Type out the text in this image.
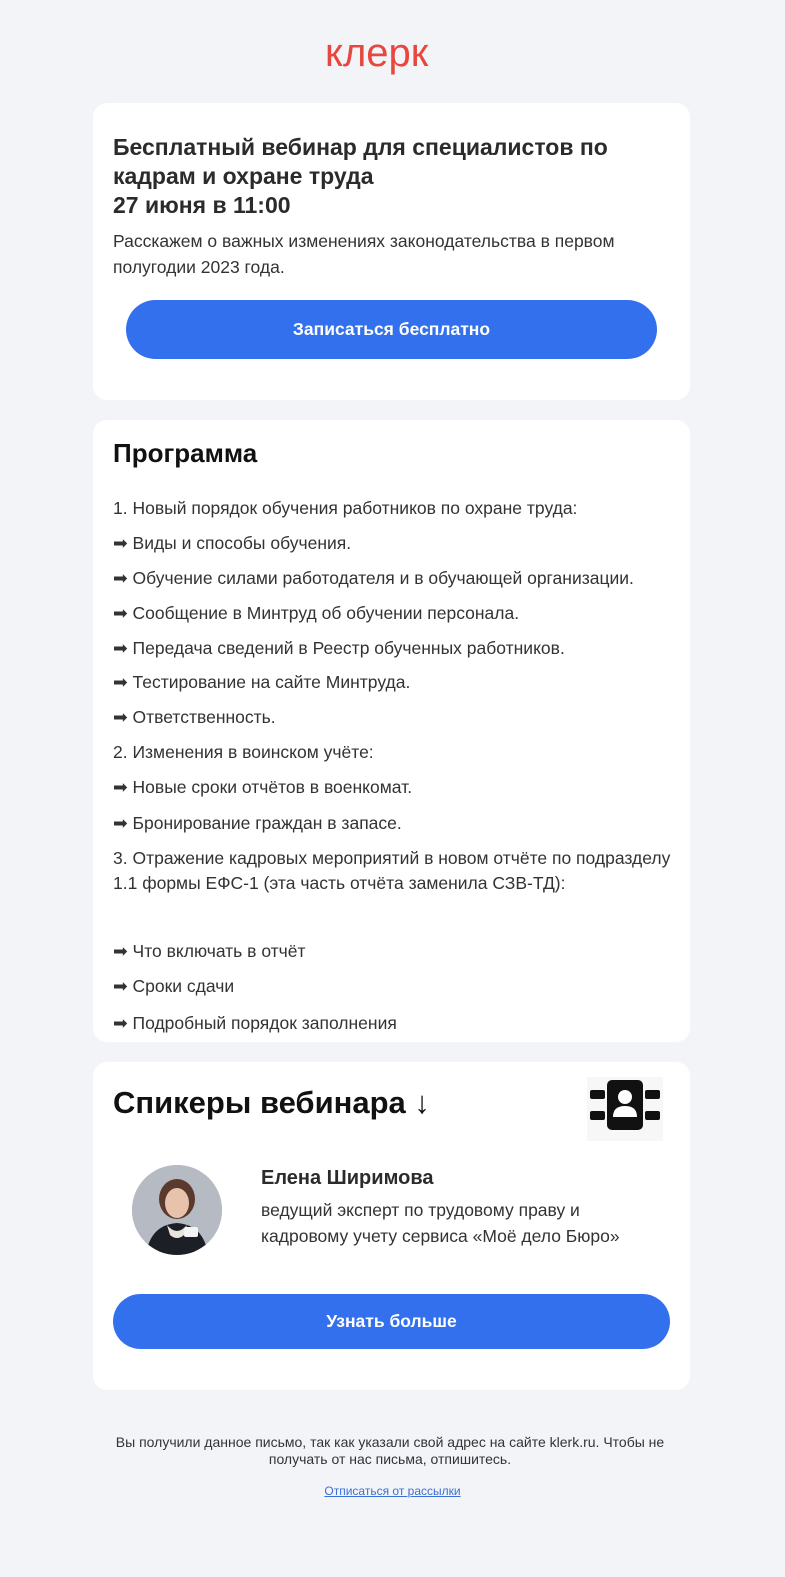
клерк
Бесплатный вебинар для специалистов по
кадрам и охране труда
27 июня в 11:00
Расскажем о важных изменениях законодательства в первом полугодии 2023 года.
Записаться бесплатно
Программа
1. Новый порядок обучения работников по охране труда:
➡ Виды и способы обучения.
➡ Обучение силами работодателя и в обучающей организации.
➡ Сообщение в Минтруд об обучении персонала.
➡ Передача сведений в Реестр обученных работников.
➡ Тестирование на сайте Минтруда.
➡ Ответственность.
2. Изменения в воинском учёте:
➡ Новые сроки отчётов в военкомат.
➡ Бронирование граждан в запасе.
3. Отражение кадровых мероприятий в новом отчёте по подразделу 1.1 формы ЕФС-1 (эта часть отчёта заменила СЗВ-ТД):
➡ Что включать в отчёт
➡ Сроки сдачи
➡ Подробный порядок заполнения
Спикеры вебинара ↓
Елена Ширимова
ведущий эксперт по трудовому праву и кадровому учету сервиса «Моё дело Бюро»
Узнать больше
Вы получили данное письмо, так как указали свой адрес на сайте klerk.ru. Чтобы не получать от нас письма, отпишитесь.
Отписаться от рассылки
